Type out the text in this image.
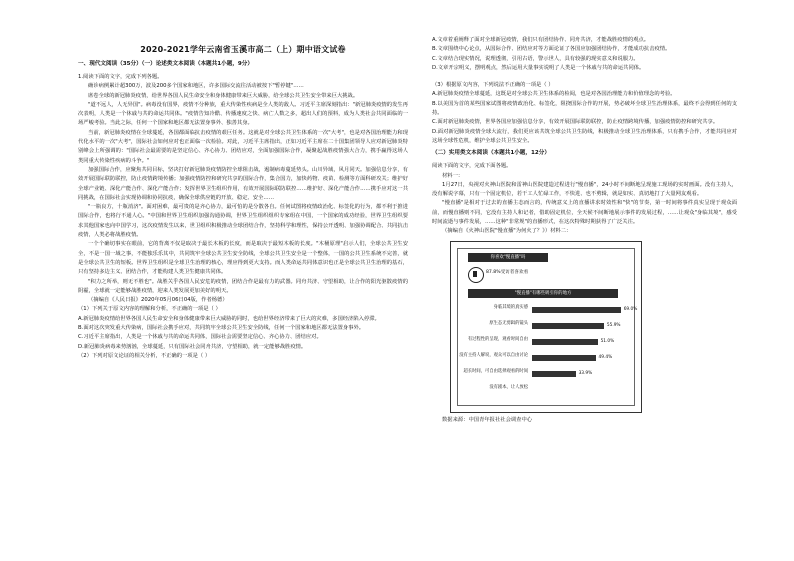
2020-2021学年云南省玉溪市高二（上）期中语文试卷
一、现代文阅读（35分）（一）论述类文本阅读（本题共1小题，9分）

1.阅读下面的文字，完成下列各题。

确诊病例累计超300万，波及200多个国家和地区，许多国际交流往活动被按下"暂停键"……

席卷全球的新冠肺炎疫情，给世界各国人民生命安全和身体健康带来巨大威胁，给全球公共卫生安全带来巨大挑战。

"道不远人，人无异国"。病毒没有国界，疫情不分种族，重大传染性疾病是全人类的敌人。习近平主席深刻指出："新冠肺炎疫情的发生再次表明，人类是一个休戚与共的命运共同体。"疫情告知冷酷、传播速度之快、病亡人数之多，超出人们的预料，成为人类社会共同面临的一场严峻考验。当此之际，任何一个国家和地区都无法置身事外、独善其身。

当前，新冠肺炎疫情在全球蔓延，各国都面临抗击疫情的艰巨任务。这就是对全球公共卫生体系的一次"大考"，也是对各国治理能力和现代化水平的一次"大考"，国际社会如何应对也正面临一次检验。对此，习近平主席指出，正如习近平主席在二十国集团领导人应对新冠肺炎特别峰会上所强调的："国际社会最需要的是坚定信心、齐心协力、团结应对，全面加强国际合作，凝聚起战胜疫情强大合力，携手赢得这场人类同重大传染性疾病的斗争。"

加强国际合作，应聚焦共同目标，坚决打好新冠肺炎疫情防控全球阻击战，遏制病毒蔓延势头。山川异域，风月同天。加强信息分享，有效开展国际联防联控，防止疫情跨境传播；加强疫情防控和研究共享的国际合作，集合国力，加快药物、疫苗、检测等方面科研攻关；维护好全球产业链、深化产能合作、深化产能合作；发挥世界卫生组织作用，有效开展国际联防联控……维护好、深化产能合作……携手应对这一共同挑战，在国际社会实现协调和协同抗疫，确保全球供应链的开放、稳定、安全……

"一瓶良方，十瓶消济"。面对困难，最可贵的是齐心协力，最可怕的是分散各自。任何试图将疫情政治化、标签化的行为，都不利于推进国际合作，也将行不通人心。"中国和世界卫生组织加强沟通协调，世界卫生组织组织专家组在中国，一个国家的成功经验，世界卫生组织要求其他国家也向中国学习，这次疫情发生以来，世卫组织积极推动全球团结合作，坚持科学和理性，保持公开透明、加强协调配合、共同抗击疫情，人类必将战胜疫情。

一个个确切事实在眼前，它的背离不仅是取决于最长木板的长度，而是取决于最短木板的长度。"木桶原理"启示人们，全球公共卫生安全，不是一国一域之事，不能独乐乐其中，共同筑牢全球公共卫生安全防线，全球公共卫生安全是一个整体，一国的公共卫生系统不完善，就是全球公共卫生的短板。世界卫生组织是全球卫生治理的核心，理应得到更大支持。而人类命运共同体意识也正是全球公共卫生治理的基石，只有坚持多边主义、团结合作，才能构建人类卫生健康共同体。

"积力之所举，则无不胜也"。战胜关乎各国人民安危的疫情，团结合作是最有力的武器。同舟共济、守望相助，让合作的阳光驱散疫情的阴霾，全球就一定能够战胜疫情，迎来人类发展更加美好的明天。

（摘编自《人民日报》2020年05月06日04版，作者杨德）

（1）下列关于原文内容的理解和分析，不正确的一项是（ ）

A.新冠肺炎疫情给世界各国人民生命安全和身体健康带来巨大威胁的同时，也给世界经济带来了巨大的灾难，多国经济陷入停滞。

B.面对这次突发重大传染病，国际社会携手应对，共同筑牢全球公共卫生安全防线，任何一个国家和地区都无法置身事外。

C.习近平主席指出，人类是一个休戚与共的命运共同体，国际社会需要坚定信心、齐心协力、团结应对。

D.新冠肺炎病毒来势汹汹，全球蔓延，只有国际社会同舟共济，守望相助，就一定能够战胜疫情。

（2）下列对原文论证的相关分析，不正确的一项是（ ）

A.文章着重阐释了面对全球新冠疫情，我们只有团结协作、同舟共济，才能战胜疫情的观点。

B.文章围绕中心论点，从国际合作、团结应对等方面论证了各国应加强团结协作，才能成功抗击疫情。

C.文章结合现实情况，说理透彻，引用古语，警示世人，具有较强的现实意义和说服力。

D.文章开宗明义，摆明观点，然后运用大量事实说明了人类是一个休戚与共的命运共同体。

（3）根据原文内容，下列说法不正确的一项是（ ）

A.新冠肺炎疫情全球蔓延，这既是对全球公共卫生体系的检阅，也是对各国治理能力和价值理念的考验。

B.以美国为首的某些国家试图将疫情政治化、标签化，阻挠国际合作的开展，势必破坏全球卫生治理体系，最终不会得到任何的支持。

C.面对新冠肺炎疫情，世界各国应加强信息分享，有效开展国际联防联控，防止疫情跨境传播，加强疫情防控和研究共享。

D.面对新冠肺炎疫情全球大流行，我们更应该共筑全球公共卫生防线，积极推动全球卫生治理体系，只有携手合作，才能共同应对这场全球性危机，维护全球公共卫生安全。

（二）实用类文本阅读（本题共1小题，12分）

阅读下面的文字，完成下面各题。

材料一：

1月27日，央视对火神山医院和雷神山医院建造过程进行"慢直播"，24小时不间断地呈现施工现场的实时画面。没有主持人，没有解说字幕，只有一个固定机位，若干工人忙碌工作，不快进、也不剪辑，就是如实、真切地打了大量网友观看。

"慢直播"是相对于过去的直播主态而言的，传统意义上的直播讲求时效性和"快"的节奏，第一时间将事件真实呈现于观众面前，而慢直播则不同，它没有主持人和记者，借助固定机位，全天候不间断地展示事件的发展过程，……让观众"身临其境"，感受时间流逝与事件发展，……这种"非常规"的直播形式，在这次特殊时期获得了广泛关注。

（摘编自《火神山医院"慢直播"为何火了？》）材料二：

你喜欢"慢直播"吗
87.8%受访者喜欢看
"慢直播"有哪些吸引你的地方
身临其境的真实感	69.0%
原生态无剪辑的镜头	55.9%
有过程性的呈现，观看时间自由	51.0%
没有主持人解说，观众可以自由讨论	49.4%
超长时间，可自由选择观看的时间	33.9%
没有剧本，让人放松

数据来源：中国青年报社社会调查中心
